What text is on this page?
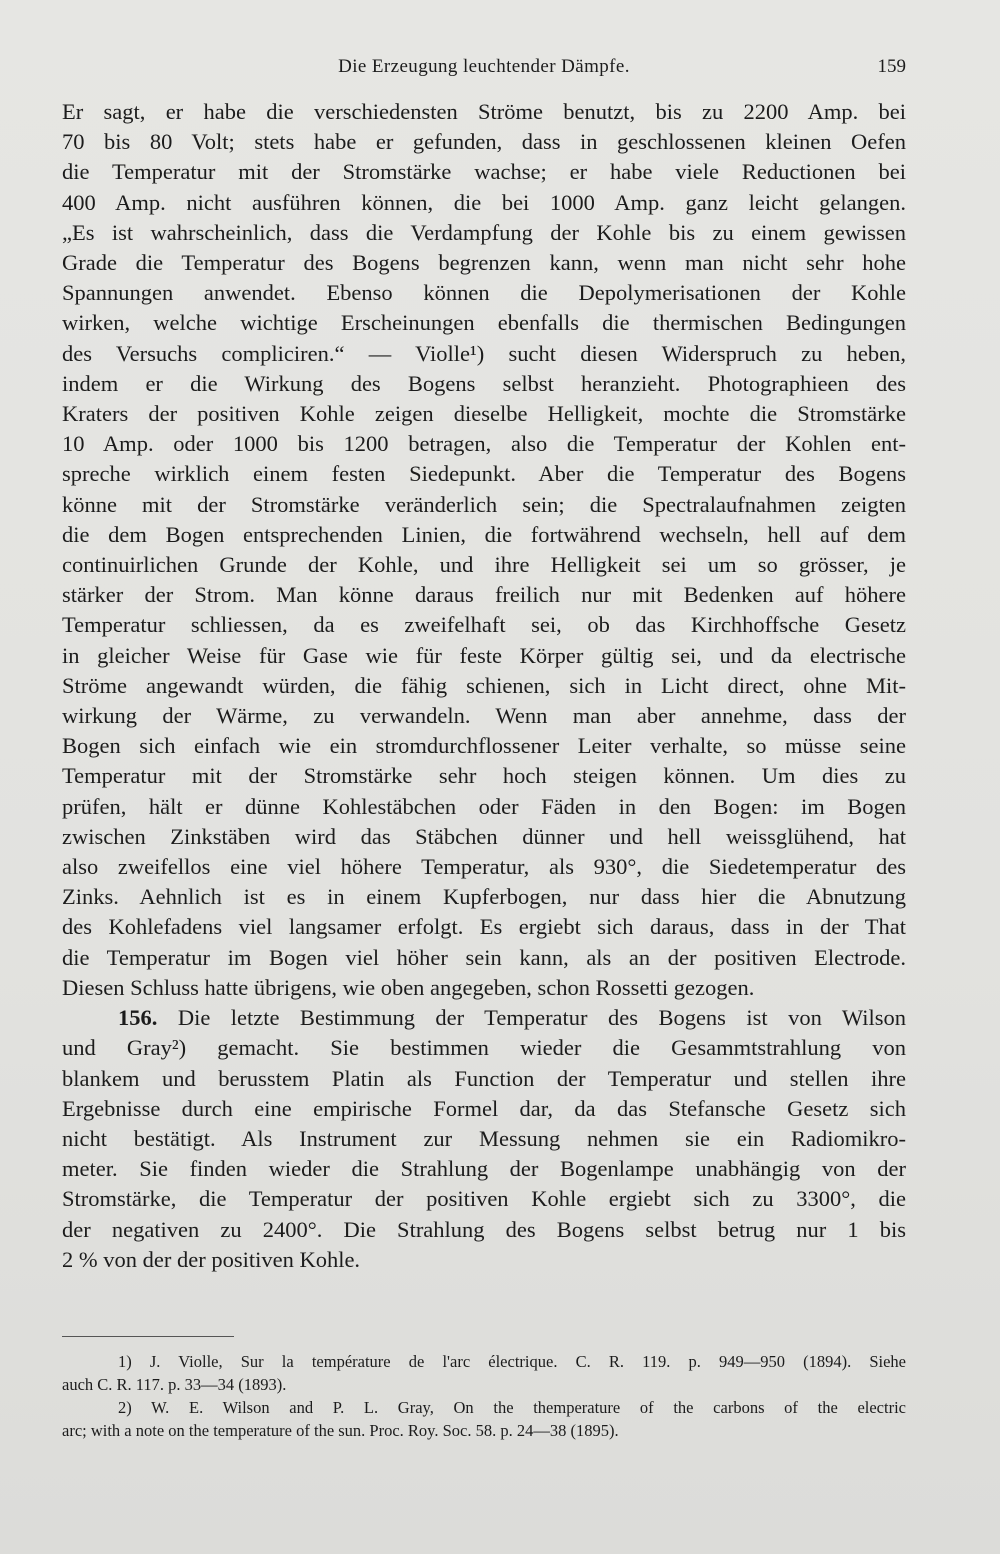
Die Erzeugung leuchtender Dämpfe.	159

Er sagt, er habe die verschiedensten Ströme benutzt, bis zu 2200 Amp. bei
70 bis 80 Volt; stets habe er gefunden, dass in geschlossenen kleinen Oefen
die Temperatur mit der Stromstärke wachse; er habe viele Reductionen bei
400 Amp. nicht ausführen können, die bei 1000 Amp. ganz leicht gelangen.
„Es ist wahrscheinlich, dass die Verdampfung der Kohle bis zu einem gewissen
Grade die Temperatur des Bogens begrenzen kann, wenn man nicht sehr hohe
Spannungen anwendet. Ebenso können die Depolymerisationen der Kohle
wirken, welche wichtige Erscheinungen ebenfalls die thermischen Bedingungen
des Versuchs compliciren.“ — Violle¹) sucht diesen Widerspruch zu heben,
indem er die Wirkung des Bogens selbst heranzieht. Photographieen des
Kraters der positiven Kohle zeigen dieselbe Helligkeit, mochte die Stromstärke
10 Amp. oder 1000 bis 1200 betragen, also die Temperatur der Kohlen ent-
spreche wirklich einem festen Siedepunkt. Aber die Temperatur des Bogens
könne mit der Stromstärke veränderlich sein; die Spectralaufnahmen zeigten
die dem Bogen entsprechenden Linien, die fortwährend wechseln, hell auf dem
continuirlichen Grunde der Kohle, und ihre Helligkeit sei um so grösser, je
stärker der Strom. Man könne daraus freilich nur mit Bedenken auf höhere
Temperatur schliessen, da es zweifelhaft sei, ob das Kirchhoffsche Gesetz
in gleicher Weise für Gase wie für feste Körper gültig sei, und da electrische
Ströme angewandt würden, die fähig schienen, sich in Licht direct, ohne Mit-
wirkung der Wärme, zu verwandeln. Wenn man aber annehme, dass der
Bogen sich einfach wie ein stromdurchflossener Leiter verhalte, so müsse seine
Temperatur mit der Stromstärke sehr hoch steigen können. Um dies zu
prüfen, hält er dünne Kohlestäbchen oder Fäden in den Bogen: im Bogen
zwischen Zinkstäben wird das Stäbchen dünner und hell weissglühend, hat
also zweifellos eine viel höhere Temperatur, als 930°, die Siedetemperatur des
Zinks. Aehnlich ist es in einem Kupferbogen, nur dass hier die Abnutzung
des Kohlefadens viel langsamer erfolgt. Es ergiebt sich daraus, dass in der That
die Temperatur im Bogen viel höher sein kann, als an der positiven Electrode.
Diesen Schluss hatte übrigens, wie oben angegeben, schon Rossetti gezogen.

156. Die letzte Bestimmung der Temperatur des Bogens ist von Wilson
und Gray²) gemacht. Sie bestimmen wieder die Gesammtstrahlung von
blankem und berusstem Platin als Function der Temperatur und stellen ihre
Ergebnisse durch eine empirische Formel dar, da das Stefansche Gesetz sich
nicht bestätigt. Als Instrument zur Messung nehmen sie ein Radiomikro-
meter. Sie finden wieder die Strahlung der Bogenlampe unabhängig von der
Stromstärke, die Temperatur der positiven Kohle ergiebt sich zu 3300°, die
der negativen zu 2400°. Die Strahlung des Bogens selbst betrug nur 1 bis
2 % von der der positiven Kohle.

1) J. Violle, Sur la température de l'arc électrique. C. R. 119. p. 949—950 (1894). Siehe
auch C. R. 117. p. 33—34 (1893).
2) W. E. Wilson and P. L. Gray, On the themperature of the carbons of the electric
arc; with a note on the temperature of the sun. Proc. Roy. Soc. 58. p. 24—38 (1895).
